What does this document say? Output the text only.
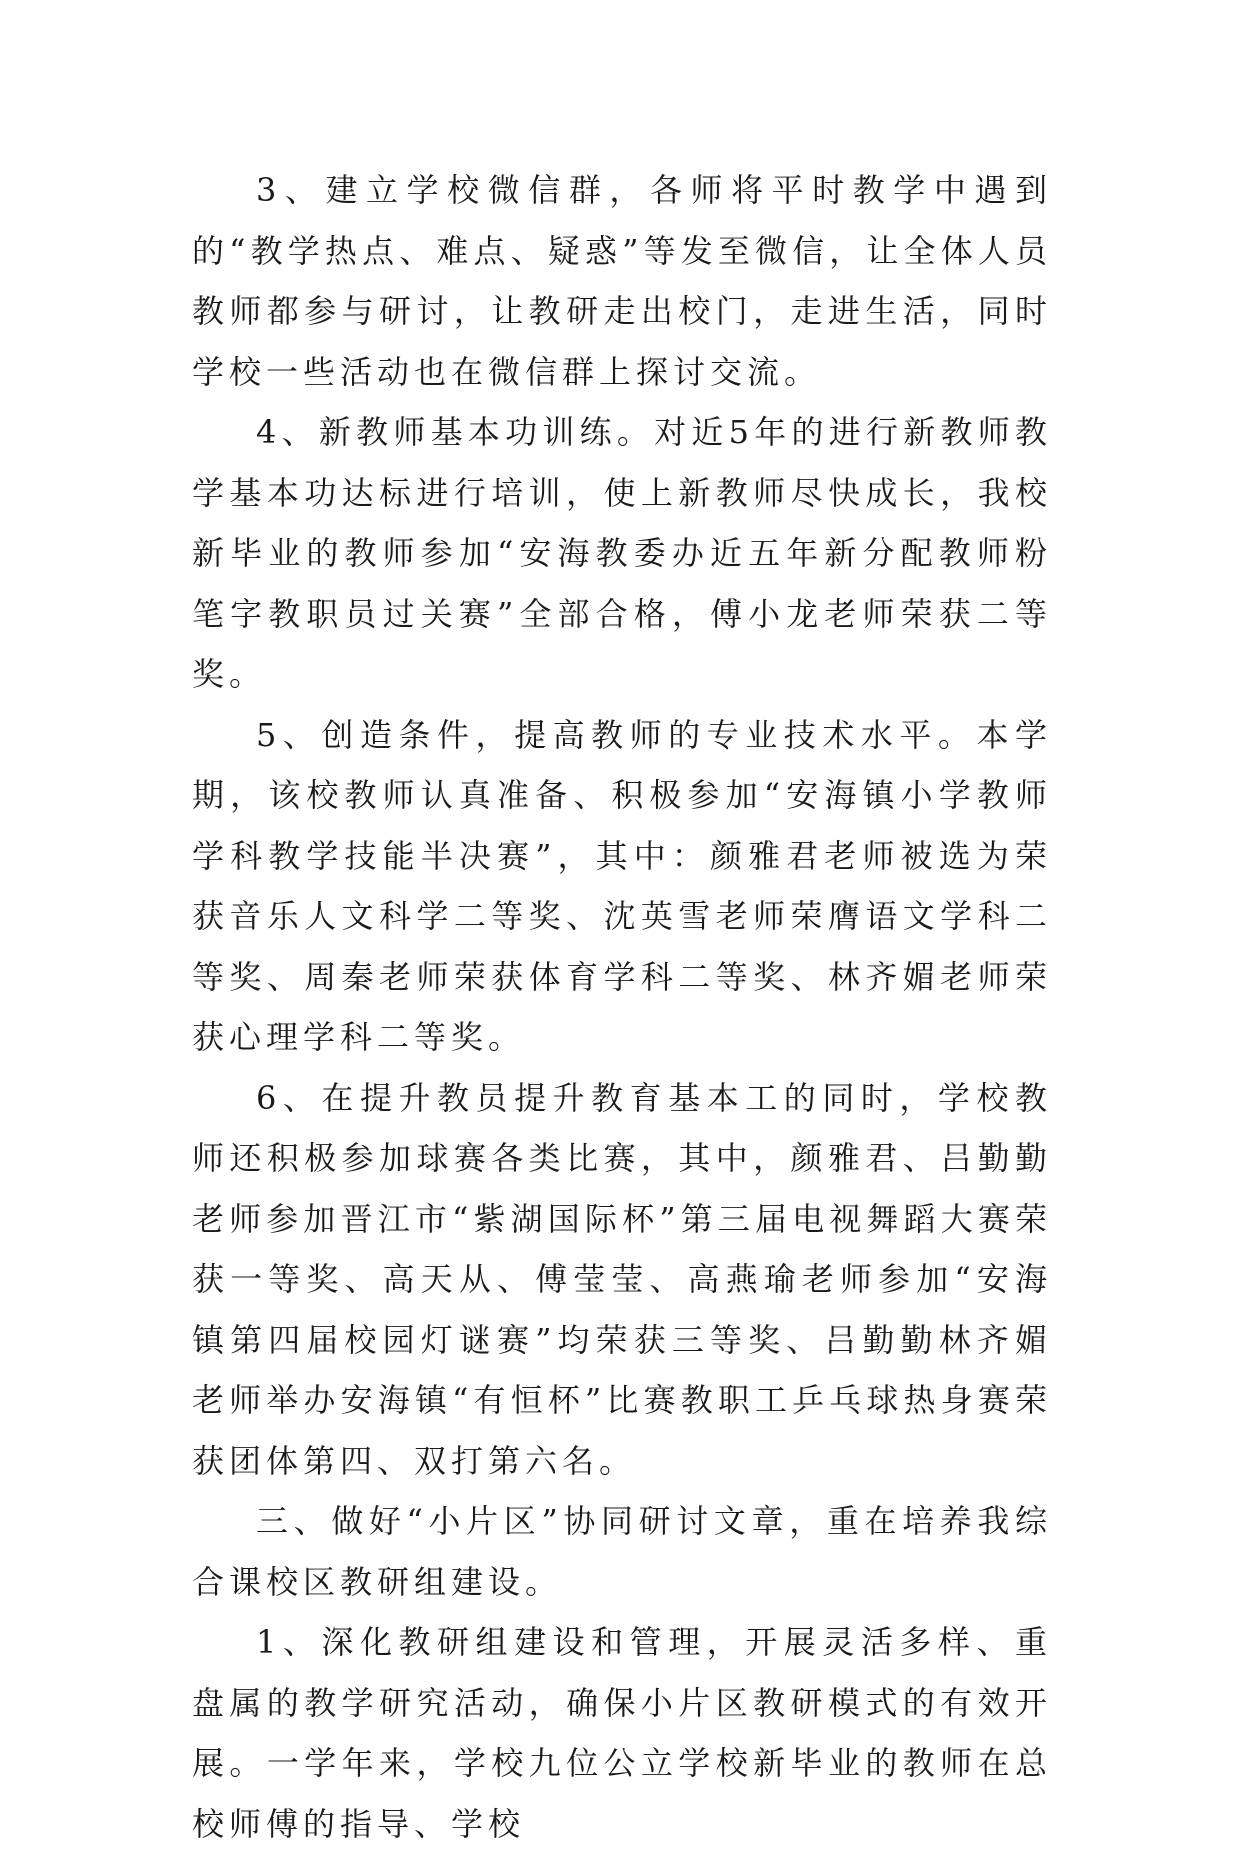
3、建立学校微信群，各师将平时教学中遇到的“教学热点、难点、疑惑”等发至微信，让全体人员教师都参与研讨，让教研走出校门，走进生活，同时学校一些活动也在微信群上探讨交流。

4、新教师基本功训练。对近5年的进行新教师教学基本功达标进行培训，使上新教师尽快成长，我校新毕业的教师参加“安海教委办近五年新分配教师粉笔字教职员过关赛”全部合格，傅小龙老师荣获二等奖。

5、创造条件，提高教师的专业技术水平。本学期，该校教师认真准备、积极参加“安海镇小学教师学科教学技能半决赛”，其中：颜雅君老师被选为荣获音乐人文科学二等奖、沈英雪老师荣膺语文学科二等奖、周秦老师荣获体育学科二等奖、林齐媚老师荣获心理学科二等奖。

6、在提升教员提升教育基本工的同时，学校教师还积极参加球赛各类比赛，其中，颜雅君、吕勤勤老师参加晋江市“紫湖国际杯”第三届电视舞蹈大赛荣获一等奖、高天从、傅莹莹、高燕瑜老师参加“安海镇第四届校园灯谜赛”均荣获三等奖、吕勤勤林齐媚老师举办安海镇“有恒杯”比赛教职工乒乓球热身赛荣获团体第四、双打第六名。

三、做好“小片区”协同研讨文章，重在培养我综合课校区教研组建设。

1、深化教研组建设和管理，开展灵活多样、重盘属的教学研究活动，确保小片区教研模式的有效开展。一学年来，学校九位公立学校新毕业的教师在总校师傅的指导、学校
